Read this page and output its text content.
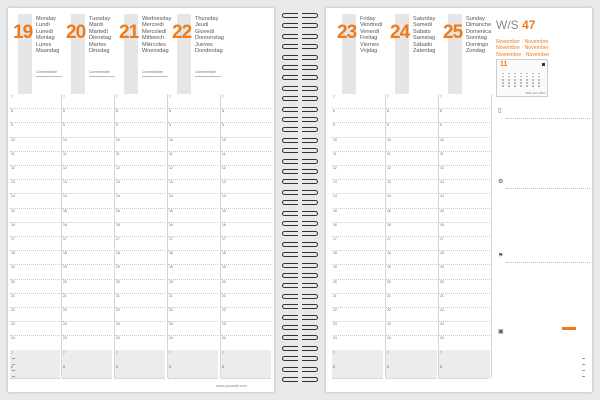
19
Monday
Lundi
Lunedì
Montag
Lunes
Maandag
Commentaire
20
Tuesday
Mardi
Martedì
Dienstag
Martes
Dinsdag
Commentaire
21
Wednesday
Mercredi
Mercoledì
Mittwoch
Miércoles
Woensdag
Commentaire
22
Thursday
Jeudi
Giovedì
Donnerstag
Jueves
Donderdag
Commentaire
7	7	7	7	7
8	8	8	8	8
9	9	9	9	9
10	10	10	10	10
11	11	11	11	11
12	12	12	12	12
13	13	13	13	13
14	14	14	14	14
15	15	15	15	15
16	16	16	16	16
17	17	17	17	17
18	18	18	18	18
19	19	19	19	19
20	20	20	20	20
21	21	21	21	21
22	22	22	22	22
23	23	23	23	23
24	24	24	24	24
7	7	7	7	7
8	8	8	8	8
www.quovadis.com
23
Friday
Vendredi
Venerdì
Freitag
Viernes
Vrijdag
24
Saturday
Samedi
Sabato
Samstag
Sábado
Zaterdag
25
Sunday
Dimanche
Domenica
Sonntag
Domingo
Zondag
W/S 47
November · Novembre
Novembre · November
Noviembre · November
11
2016 | ww | 2016
7	7	7
8	8	8
9	9	9
10	10	10
11	11	11
12	12	12
13	13	13
14	14	14
15	15	15
16	16	16
17	17	17
18	18	18
19	19	19
20	20	20
21	21	21
22	22	22
23	23	23
24	24	24
7	7	7
8	8	8
▯
⚙
⚑
▣
